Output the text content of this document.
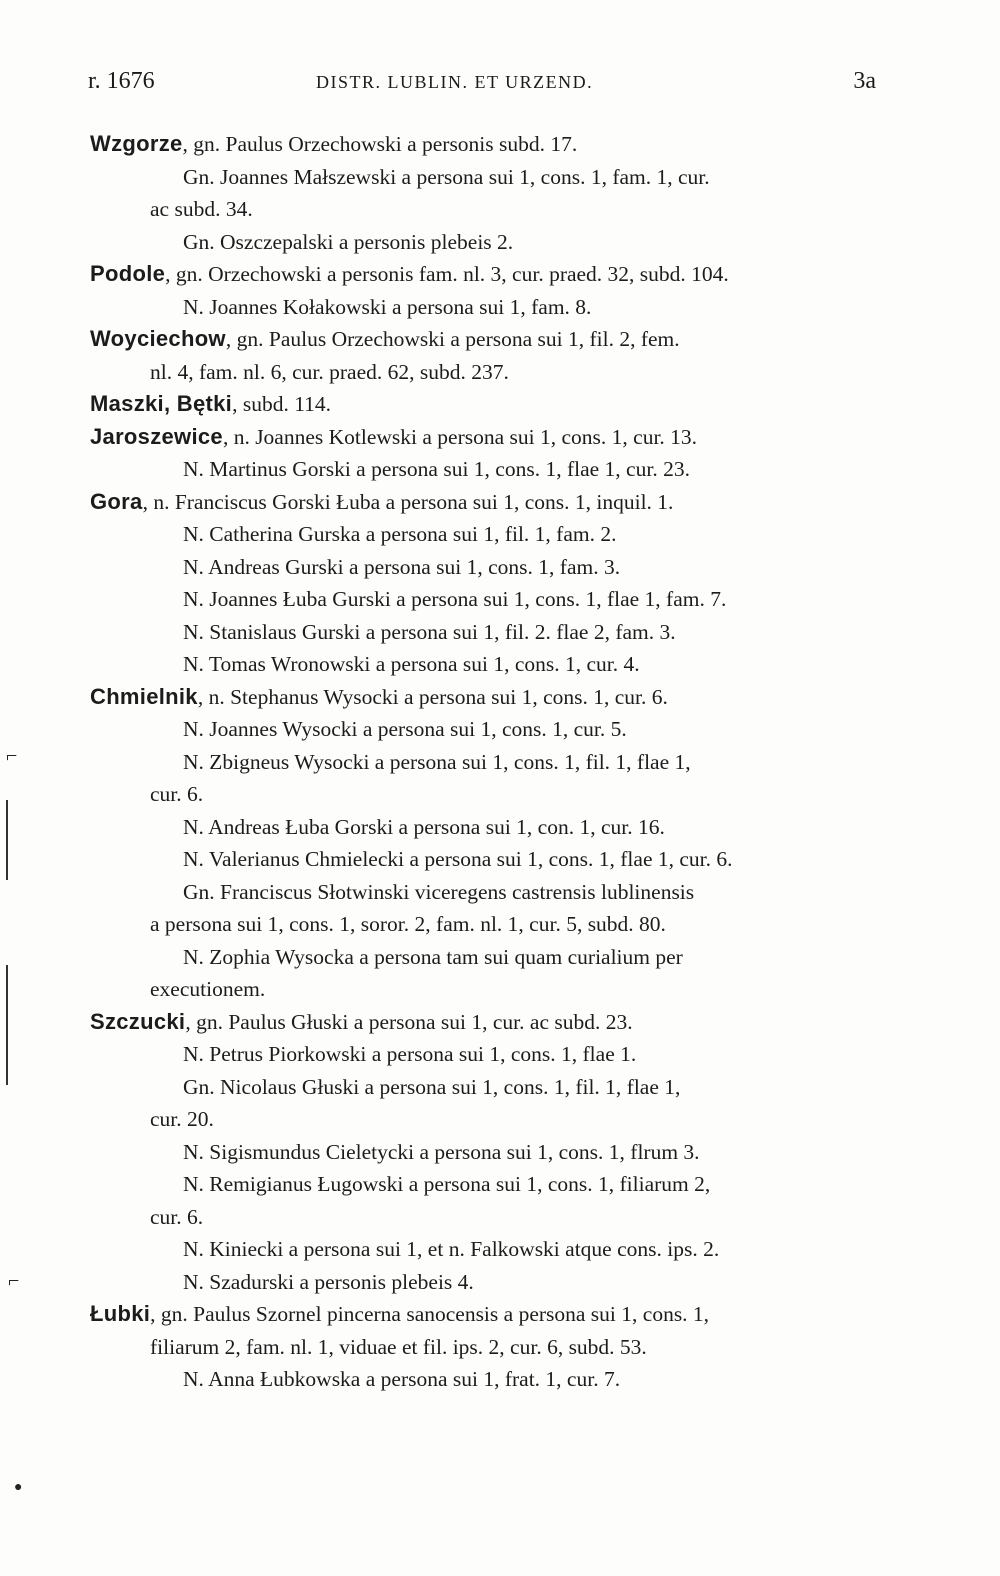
r. 1676	DISTR. LUBLIN. ET URZEND.	3a
Wzgorze, gn. Paulus Orzechowski a personis subd. 17.
Gn. Joannes Małszewski a persona sui 1, cons. 1, fam. 1, cur.
ac subd. 34.
Gn. Oszczepalski a personis plebeis 2.
Podole, gn. Orzechowski a personis fam. nl. 3, cur. praed. 32, subd. 104.
N. Joannes Kołakowski a persona sui 1, fam. 8.
Woyciechow, gn. Paulus Orzechowski a persona sui 1, fil. 2, fem.
nl. 4, fam. nl. 6, cur. praed. 62, subd. 237.
Maszki, Bętki, subd. 114.
Jaroszewice, n. Joannes Kotlewski a persona sui 1, cons. 1, cur. 13.
N. Martinus Gorski a persona sui 1, cons. 1, flae 1, cur. 23.
Gora, n. Franciscus Gorski Łuba a persona sui 1, cons. 1, inquil. 1.
N. Catherina Gurska a persona sui 1, fil. 1, fam. 2.
N. Andreas Gurski a persona sui 1, cons. 1, fam. 3.
N. Joannes Łuba Gurski a persona sui 1, cons. 1, flae 1, fam. 7.
N. Stanislaus Gurski a persona sui 1, fil. 2. flae 2, fam. 3.
N. Tomas Wronowski a persona sui 1, cons. 1, cur. 4.
Chmielnik, n. Stephanus Wysocki a persona sui 1, cons. 1, cur. 6.
N. Joannes Wysocki a persona sui 1, cons. 1, cur. 5.
N. Zbigneus Wysocki a persona sui 1, cons. 1, fil. 1, flae 1,
cur. 6.
N. Andreas Łuba Gorski a persona sui 1, con. 1, cur. 16.
N. Valerianus Chmielecki a persona sui 1, cons. 1, flae 1, cur. 6.
Gn. Franciscus Słotwinski viceregens castrensis lublinensis
a persona sui 1, cons. 1, soror. 2, fam. nl. 1, cur. 5, subd. 80.
N. Zophia Wysocka a persona tam sui quam curialium per
executionem.
Szczucki, gn. Paulus Głuski a persona sui 1, cur. ac subd. 23.
N. Petrus Piorkowski a persona sui 1, cons. 1, flae 1.
Gn. Nicolaus Głuski a persona sui 1, cons. 1, fil. 1, flae 1,
cur. 20.
N. Sigismundus Cieletycki a persona sui 1, cons. 1, flrum 3.
N. Remigianus Ługowski a persona sui 1, cons. 1, filiarum 2,
cur. 6.
N. Kiniecki a persona sui 1, et n. Falkowski atque cons. ips. 2.
N. Szadurski a personis plebeis 4.
Łubki, gn. Paulus Szornel pincerna sanocensis a persona sui 1, cons. 1,
filiarum 2, fam. nl. 1, viduae et fil. ips. 2, cur. 6, subd. 53.
N. Anna Łubkowska a persona sui 1, frat. 1, cur. 7.
⌐
⌐
●
